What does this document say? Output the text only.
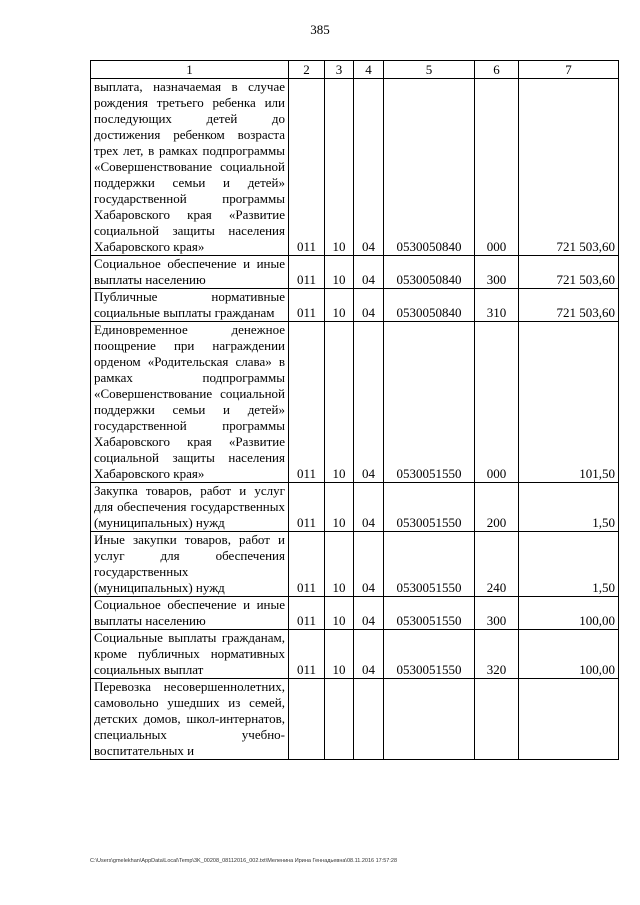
385
1	2	3	4	5	6	7
выплата, назначаемая в случае рождения третьего ребенка или последующих детей до достижения ребенком возраста трех лет, в рамках подпрограммы «Совершенствование социальной поддержки семьи и детей» государственной программы Хабаровского края «Развитие социальной защиты населения Хабаровского края»	011	10	04	0530050840	000	721 503,60
Социальное обеспечение и иные выплаты населению	011	10	04	0530050840	300	721 503,60
Публичные нормативные социальные выплаты гражданам	011	10	04	0530050840	310	721 503,60
Единовременное денежное поощрение при награждении орденом «Родительская слава» в рамках подпрограммы «Совершенствование социальной поддержки семьи и детей» государственной программы Хабаровского края «Развитие социальной защиты населения Хабаровского края»	011	10	04	0530051550	000	101,50
Закупка товаров, работ и услуг для обеспечения государственных (муниципальных) нужд	011	10	04	0530051550	200	1,50
Иные закупки товаров, работ и услуг для обеспечения государственных (муниципальных) нужд	011	10	04	0530051550	240	1,50
Социальное обеспечение и иные выплаты населению	011	10	04	0530051550	300	100,00
Социальные выплаты гражданам, кроме публичных нормативных социальных выплат	011	10	04	0530051550	320	100,00
Перевозка несовершеннолетних, самовольно ушедших из семей, детских домов, школ-интернатов, специальных учебно-воспитательных и						
C:\Users\gmelekhan\AppData\Local\Temp\3K_00208_08112016_002.txt\Меленина Ирина Геннадьевна\08.11.2016 17:57:28
